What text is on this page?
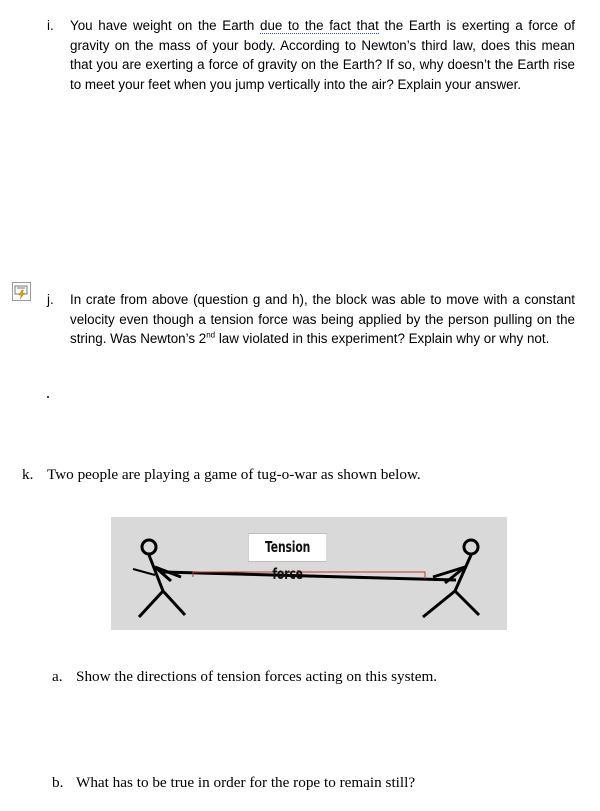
i. You have weight on the Earth due to the fact that the Earth is exerting a force of gravity on the mass of your body. According to Newton’s third law, does this mean that you are exerting a force of gravity on the Earth? If so, why doesn’t the Earth rise to meet your feet when you jump vertically into the air? Explain your answer.
j. In crate from above (question g and h), the block was able to move with a constant velocity even though a tension force was being applied by the person pulling on the string. Was Newton’s 2nd law violated in this experiment? Explain why or why not.
k. Two people are playing a game of tug-o-war as shown below.
Tension force
a. Show the directions of tension forces acting on this system.
b. What has to be true in order for the rope to remain still?
